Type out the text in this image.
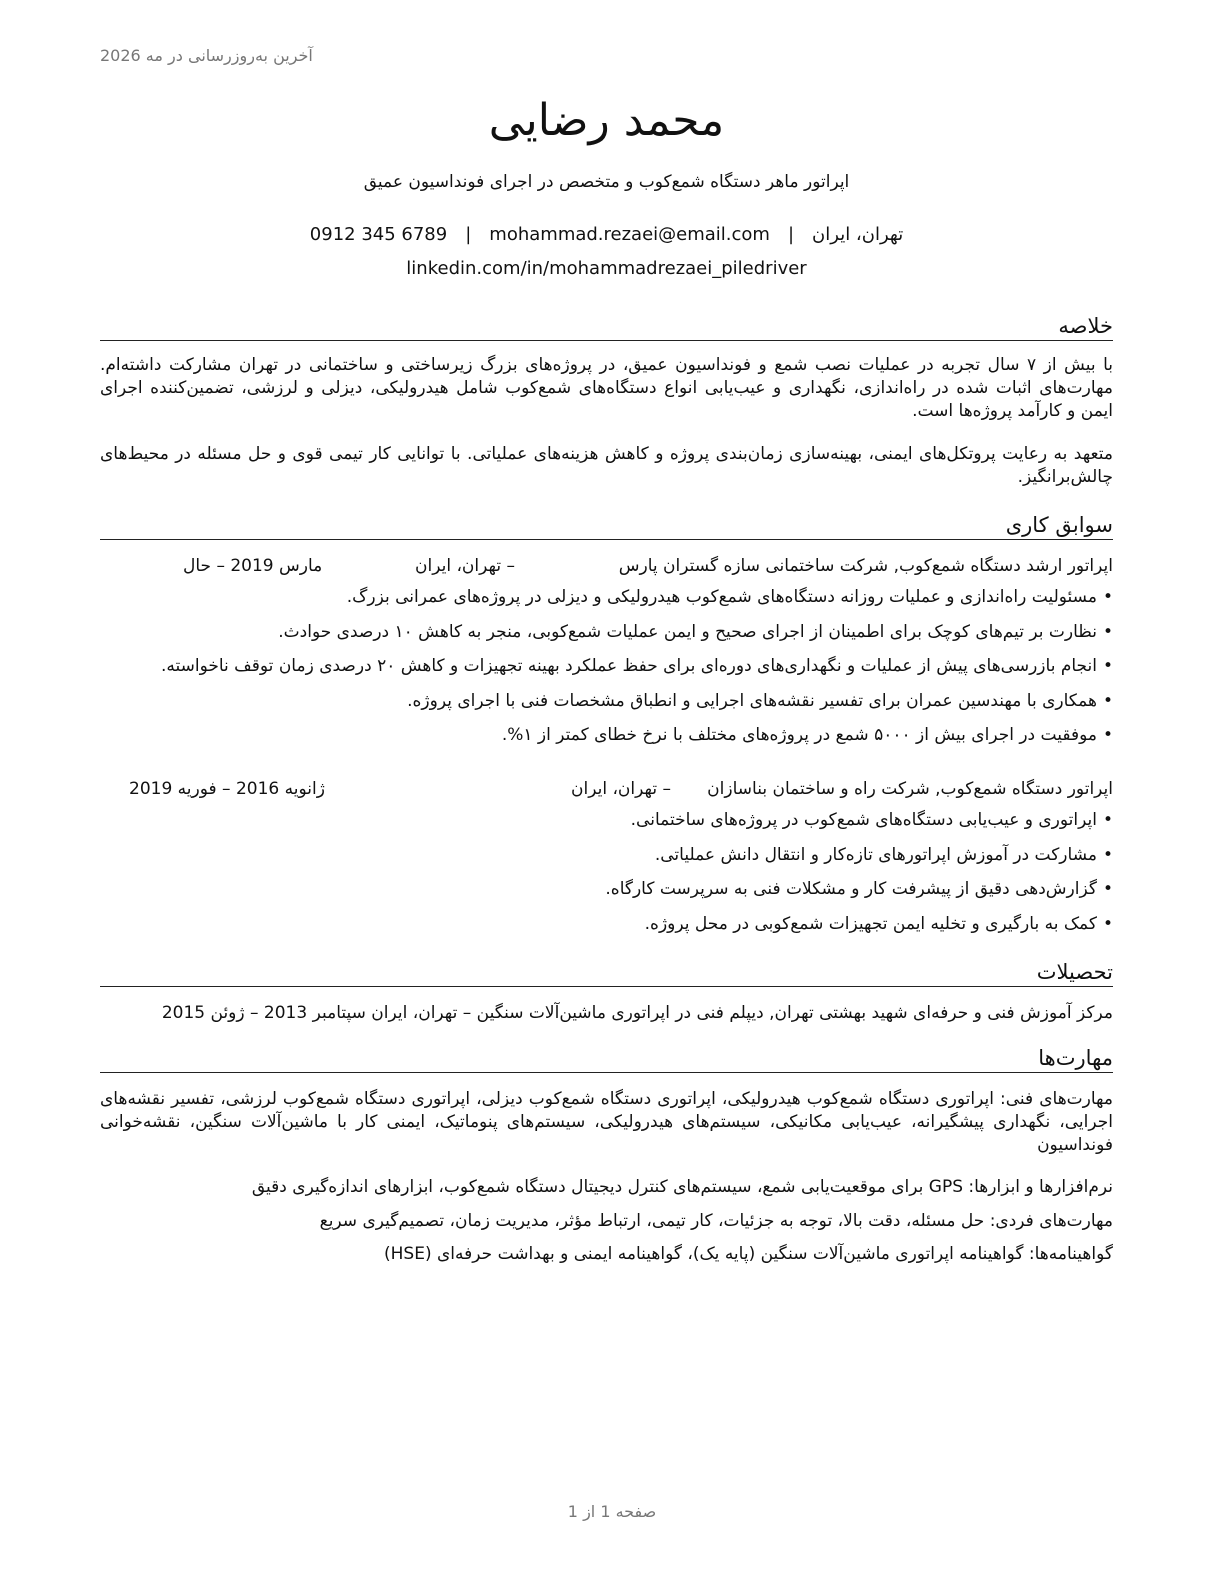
آخرین به‌روزرسانی در مه 2026
محمد رضایی
اپراتور ماهر دستگاه شمع‌کوب و متخصص در اجرای فونداسیون عمیق
تهران، ایران
|
mohammad.rezaei@email.com
|
0912 345 6789
linkedin.com/in/mohammadrezaei_piledriver
خلاصه
با بیش از ۷ سال تجربه در عملیات نصب شمع و فونداسیون عمیق، در پروژه‌های بزرگ زیرساختی و ساختمانی در تهران مشارکت داشته‌ام. مهارت‌های اثبات شده در راه‌اندازی، نگهداری و عیب‌یابی انواع دستگاه‌های شمع‌کوب شامل هیدرولیکی، دیزلی و لرزشی، تضمین‌کننده اجرای ایمن و کارآمد پروژه‌ها است.
متعهد به رعایت پروتکل‌های ایمنی، بهینه‌سازی زمان‌بندی پروژه و کاهش هزینه‌های عملیاتی. با توانایی کار تیمی قوی و حل مسئله در محیط‌های چالش‌برانگیز.
سوابق کاری
اپراتور ارشد دستگاه شمع‌کوب, شرکت ساختمانی سازه گستران پارس
– تهران، ایران
مارس 2019 – حال
• مسئولیت راه‌اندازی و عملیات روزانه دستگاه‌های شمع‌کوب هیدرولیکی و دیزلی در پروژه‌های عمرانی بزرگ.
• نظارت بر تیم‌های کوچک برای اطمینان از اجرای صحیح و ایمن عملیات شمع‌کوبی، منجر به کاهش ۱۰ درصدی حوادث.
• انجام بازرسی‌های پیش از عملیات و نگهداری‌های دوره‌ای برای حفظ عملکرد بهینه تجهیزات و کاهش ۲۰ درصدی زمان توقف ناخواسته.
• همکاری با مهندسین عمران برای تفسیر نقشه‌های اجرایی و انطباق مشخصات فنی با اجرای پروژه.
• موفقیت در اجرای بیش از ۵۰۰۰ شمع در پروژه‌های مختلف با نرخ خطای کمتر از ۱%.
اپراتور دستگاه شمع‌کوب, شرکت راه و ساختمان بناسازان
– تهران، ایران
ژانویه 2016 – فوریه 2019
• اپراتوری و عیب‌یابی دستگاه‌های شمع‌کوب در پروژه‌های ساختمانی.
• مشارکت در آموزش اپراتورهای تازه‌کار و انتقال دانش عملیاتی.
• گزارش‌دهی دقیق از پیشرفت کار و مشکلات فنی به سرپرست کارگاه.
• کمک به بارگیری و تخلیه ایمن تجهیزات شمع‌کوبی در محل پروژه.
تحصیلات
مرکز آموزش فنی و حرفه‌ای شهید بهشتی تهران, دیپلم فنی در اپراتوری ماشین‌آلات سنگین – تهران، ایران سپتامبر 2013 – ژوئن 2015
مهارت‌ها
مهارت‌های فنی: اپراتوری دستگاه شمع‌کوب هیدرولیکی، اپراتوری دستگاه شمع‌کوب دیزلی، اپراتوری دستگاه شمع‌کوب لرزشی، تفسیر نقشه‌های اجرایی، نگهداری پیشگیرانه، عیب‌یابی مکانیکی، سیستم‌های هیدرولیکی، سیستم‌های پنوماتیک، ایمنی کار با ماشین‌آلات سنگین، نقشه‌خوانی فونداسیون
نرم‌افزارها و ابزارها: GPS برای موقعیت‌یابی شمع، سیستم‌های کنترل دیجیتال دستگاه شمع‌کوب، ابزارهای اندازه‌گیری دقیق
مهارت‌های فردی: حل مسئله، دقت بالا، توجه به جزئیات، کار تیمی، ارتباط مؤثر، مدیریت زمان، تصمیم‌گیری سریع
گواهینامه‌ها: گواهینامه اپراتوری ماشین‌آلات سنگین (پایه یک)، گواهینامه ایمنی و بهداشت حرفه‌ای (HSE)
صفحه 1 از 1
